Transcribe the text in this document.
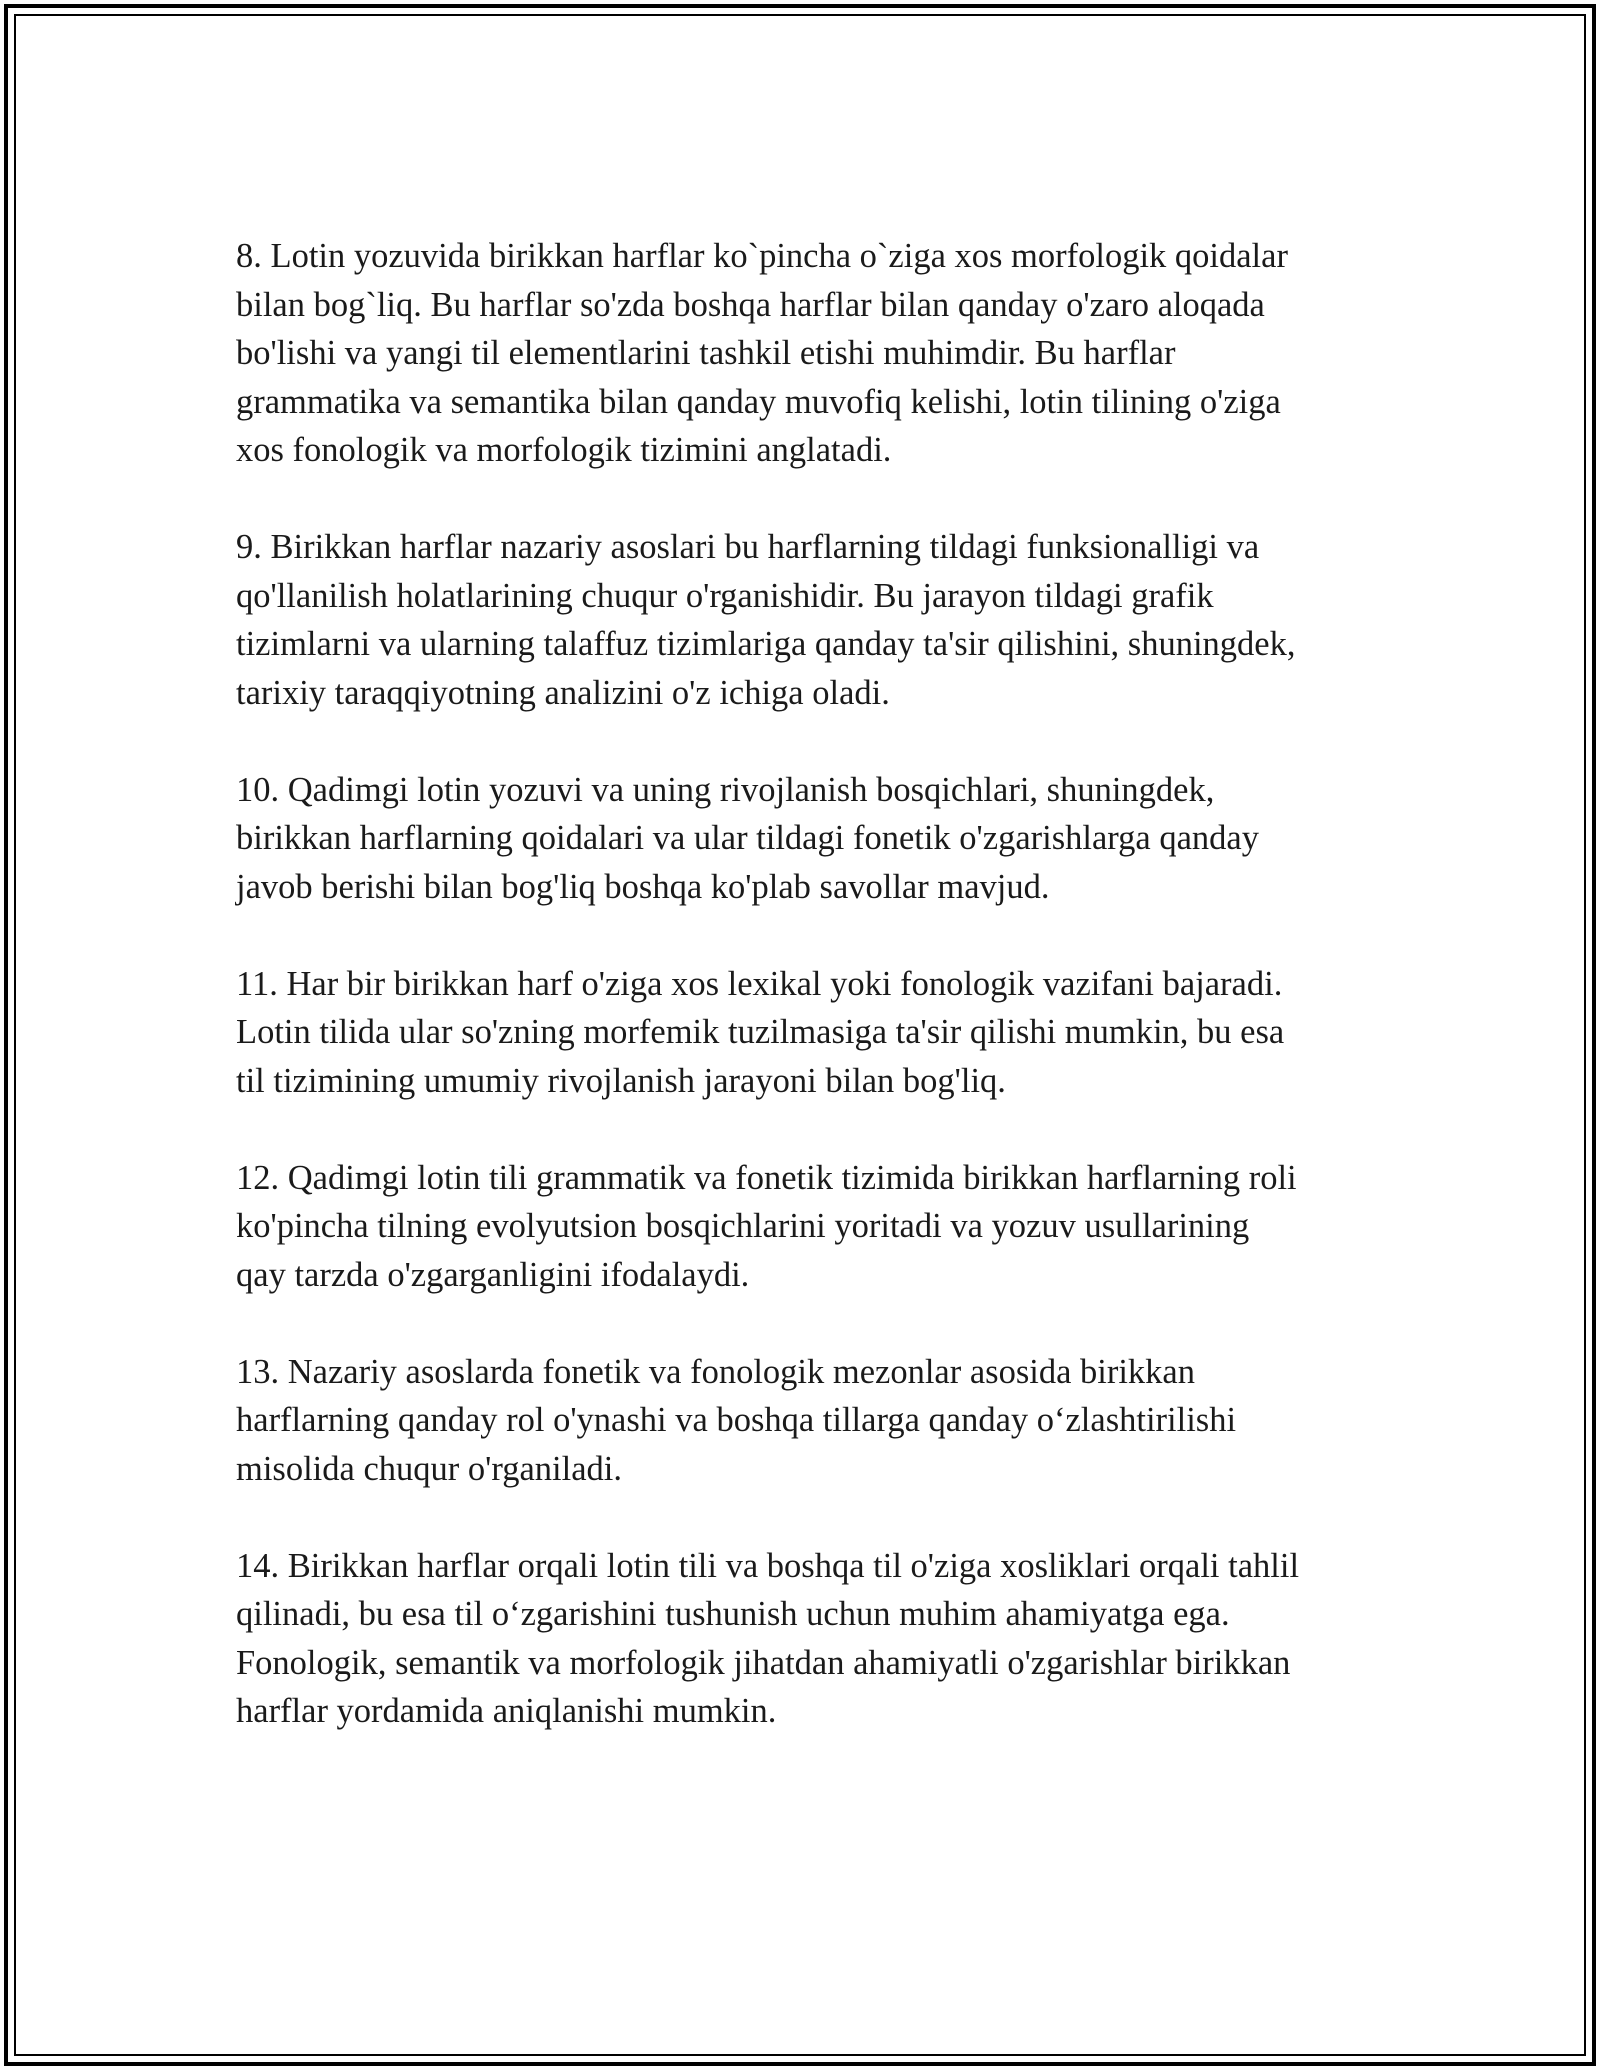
8. Lotin yozuvida birikkan harflar ko`pincha o`ziga xos morfologik qoidalar
bilan bog`liq. Bu harflar so'zda boshqa harflar bilan qanday o'zaro aloqada
bo'lishi va yangi til elementlarini tashkil etishi muhimdir. Bu harflar
grammatika va semantika bilan qanday muvofiq kelishi, lotin tilining o'ziga
xos fonologik va morfologik tizimini anglatadi.

9. Birikkan harflar nazariy asoslari bu harflarning tildagi funksionalligi va
qo'llanilish holatlarining chuqur o'rganishidir. Bu jarayon tildagi grafik
tizimlarni va ularning talaffuz tizimlariga qanday ta'sir qilishini, shuningdek,
tarixiy taraqqiyotning analizini o'z ichiga oladi.

10. Qadimgi lotin yozuvi va uning rivojlanish bosqichlari, shuningdek,
birikkan harflarning qoidalari va ular tildagi fonetik o'zgarishlarga qanday
javob berishi bilan bog'liq boshqa ko'plab savollar mavjud.

11. Har bir birikkan harf o'ziga xos lexikal yoki fonologik vazifani bajaradi.
Lotin tilida ular so'zning morfemik tuzilmasiga ta'sir qilishi mumkin, bu esa
til tizimining umumiy rivojlanish jarayoni bilan bog'liq.

12. Qadimgi lotin tili grammatik va fonetik tizimida birikkan harflarning roli
ko'pincha tilning evolyutsion bosqichlarini yoritadi va yozuv usullarining
qay tarzda o'zgarganligini ifodalaydi.

13. Nazariy asoslarda fonetik va fonologik mezonlar asosida birikkan
harflarning qanday rol o'ynashi va boshqa tillarga qanday oʻzlashtirilishi
misolida chuqur o'rganiladi.

14. Birikkan harflar orqali lotin tili va boshqa til o'ziga xosliklari orqali tahlil
qilinadi, bu esa til oʻzgarishini tushunish uchun muhim ahamiyatga ega.
Fonologik, semantik va morfologik jihatdan ahamiyatli o'zgarishlar birikkan
harflar yordamida aniqlanishi mumkin.
